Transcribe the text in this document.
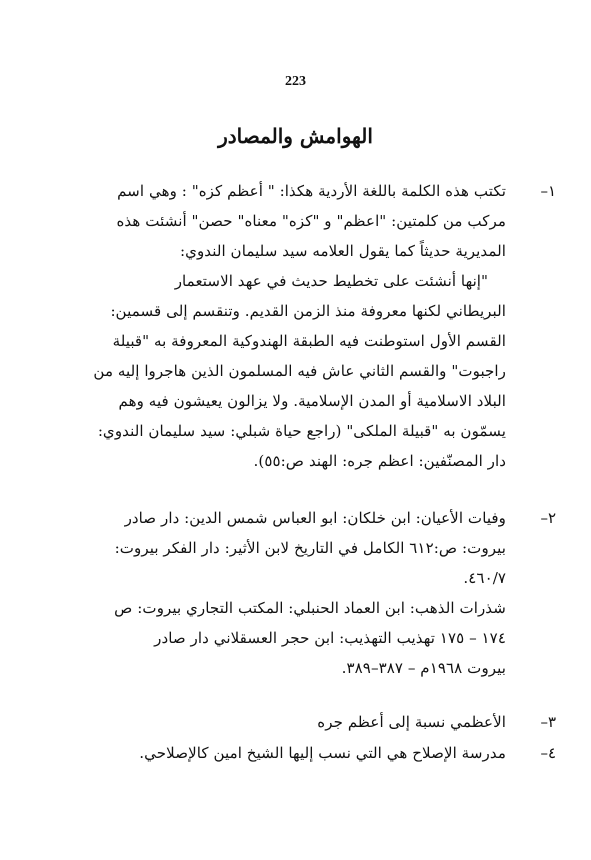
223
الهوامش والمصادر
١–
تكتب هذه الكلمة باللغة الأردية هكذا: " أعظم كزه" : وهي اسم
مركب من كلمتين: "اعظم" و "كزه" معناه" حصن" أنشئت هذه
المديرية حديثاً كما يقول العلامه سيد سليمان الندوي:
"إنها أنشئت على تخطيط حديث في عهد الاستعمار
البريطاني لكنها معروفة منذ الزمن القديم. وتنقسم إلى قسمين:
القسم الأول استوطنت فيه الطبقة الهندوكية المعروفة به "قبيلة
راجبوت" والقسم الثاني عاش فيه المسلمون الذين هاجروا إليه من
البلاد الاسلامية أو المدن الإسلامية. ولا يزالون يعيشون فيه وهم
يسمّون به "قبيلة الملكى" (راجع حياة شبلي: سيد سليمان الندوي:
دار المصنّفين: اعظم جره: الهند ص:٥٥).
٢–
وفيات الأعيان: ابن خلكان: ابو العباس شمس الدين: دار صادر
بيروت: ص:٦١٢ الكامل في التاريخ لابن الأثير: دار الفكر بيروت:
٤٦٠/٧.
شذرات الذهب: ابن العماد الحنبلي: المكتب التجاري بيروت: ص
١٧٤ – ١٧٥ تهذيب التهذيب: ابن حجر العسقلاني دار صادر
بيروت ١٩٦٨م – ٣٨٧–٣٨٩.
٣–
الأعظمي نسبة إلى أعظم جره
٤–
مدرسة الإصلاح هي التي نسب إليها الشيخ امين كالإصلاحي.
